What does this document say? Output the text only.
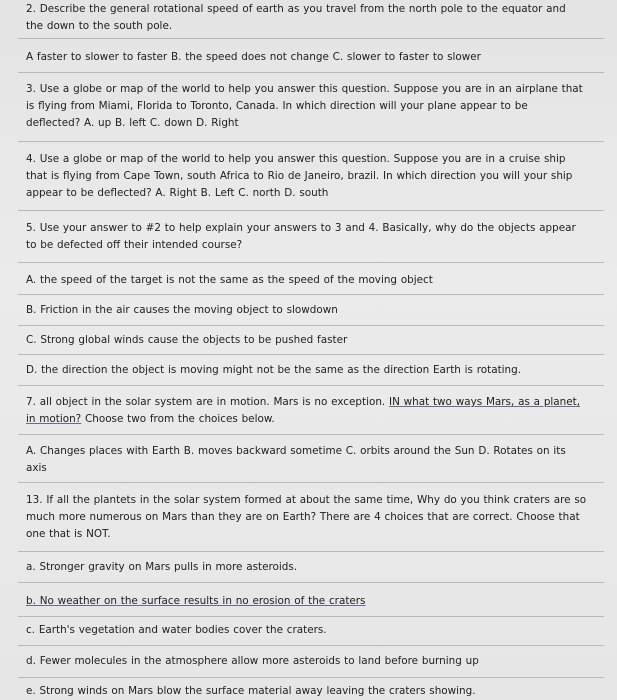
2. Describe the general rotational speed of earth as you travel from the north pole to the equator and
the down to the south pole.
A faster to slower to faster B. the speed does not change C. slower to faster to slower
3. Use a globe or map of the world to help you answer this question. Suppose you are in an airplane that
is flying from Miami, Florida to Toronto, Canada. In which direction will your plane appear to be
deflected? A. up B. left C. down D. Right
4. Use a globe or map of the world to help you answer this question. Suppose you are in a cruise ship
that is flying from Cape Town, south Africa to Rio de Janeiro, brazil. In which direction you will your ship
appear to be deflected? A. Right B. Left C. north D. south
5. Use your answer to #2 to help explain your answers to 3 and 4. Basically, why do the objects appear
to be defected off their intended course?
A. the speed of the target is not the same as the speed of the moving object
B. Friction in the air causes the moving object to slowdown
C. Strong global winds cause the objects to be pushed faster
D. the direction the object is moving might not be the same as the direction Earth is rotating.
7. all object in the solar system are in motion. Mars is no exception. IN what two ways Mars, as a planet,
in motion? Choose two from the choices below.
A. Changes places with Earth B. moves backward sometime C. orbits around the Sun D. Rotates on its
axis
13. If all the plantets in the solar system formed at about the same time, Why do you think craters are so
much more numerous on Mars than they are on Earth? There are 4 choices that are correct. Choose that
one that is NOT.
a. Stronger gravity on Mars pulls in more asteroids.
b. No weather on the surface results in no erosion of the craters
c. Earth's vegetation and water bodies cover the craters.
d. Fewer molecules in the atmosphere allow more asteroids to land before burning up
e. Strong winds on Mars blow the surface material away leaving the craters showing.
